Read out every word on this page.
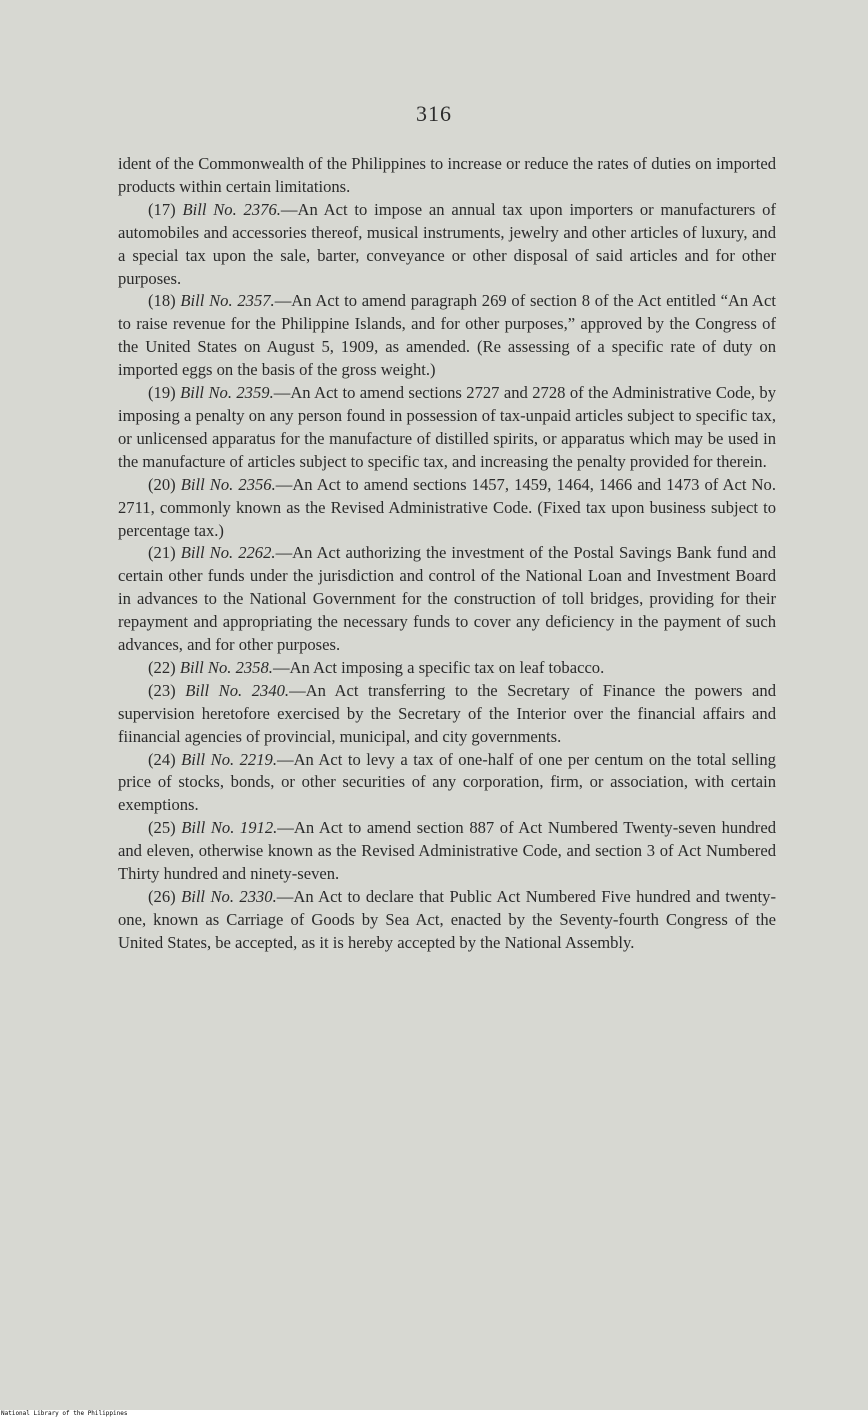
316

ident of the Commonwealth of the Philippines to increase or reduce the rates of duties on imported products within certain limitations.

(17) Bill No. 2376.—An Act to impose an annual tax upon importers or manufacturers of automobiles and accessories thereof, musical instruments, jewelry and other articles of luxury, and a special tax upon the sale, barter, conveyance or other disposal of said articles and for other purposes.

(18) Bill No. 2357.—An Act to amend paragraph 269 of section 8 of the Act entitled “An Act to raise revenue for the Philippine Islands, and for other purposes,” approved by the Congress of the United States on August 5, 1909, as amended. (Re assessing of a specific rate of duty on imported eggs on the basis of the gross weight.)

(19) Bill No. 2359.—An Act to amend sections 2727 and 2728 of the Administrative Code, by imposing a penalty on any person found in possession of tax-unpaid articles subject to specific tax, or unlicensed apparatus for the manufacture of distilled spirits, or apparatus which may be used in the manufacture of articles subject to specific tax, and increasing the penalty provided for therein.

(20) Bill No. 2356.—An Act to amend sections 1457, 1459, 1464, 1466 and 1473 of Act No. 2711, commonly known as the Revised Administrative Code. (Fixed tax upon business subject to percentage tax.)

(21) Bill No. 2262.—An Act authorizing the investment of the Postal Savings Bank fund and certain other funds under the jurisdiction and control of the National Loan and Investment Board in advances to the National Government for the construction of toll bridges, providing for their repayment and appropriating the necessary funds to cover any deficiency in the payment of such advances, and for other purposes.

(22) Bill No. 2358.—An Act imposing a specific tax on leaf tobacco.

(23) Bill No. 2340.—An Act transferring to the Secretary of Finance the powers and supervision heretofore exercised by the Secretary of the Interior over the financial affairs and fiinancial agencies of provincial, municipal, and city governments.

(24) Bill No. 2219.—An Act to levy a tax of one-half of one per centum on the total selling price of stocks, bonds, or other securities of any corporation, firm, or association, with certain exemptions.

(25) Bill No. 1912.—An Act to amend section 887 of Act Numbered Twenty-seven hundred and eleven, otherwise known as the Revised Administrative Code, and section 3 of Act Numbered Thirty hundred and ninety-seven.

(26) Bill No. 2330.—An Act to declare that Public Act Numbered Five hundred and twenty-one, known as Carriage of Goods by Sea Act, enacted by the Seventy-fourth Congress of the United States, be accepted, as it is hereby accepted by the National Assembly.

National Library of the Philippines
